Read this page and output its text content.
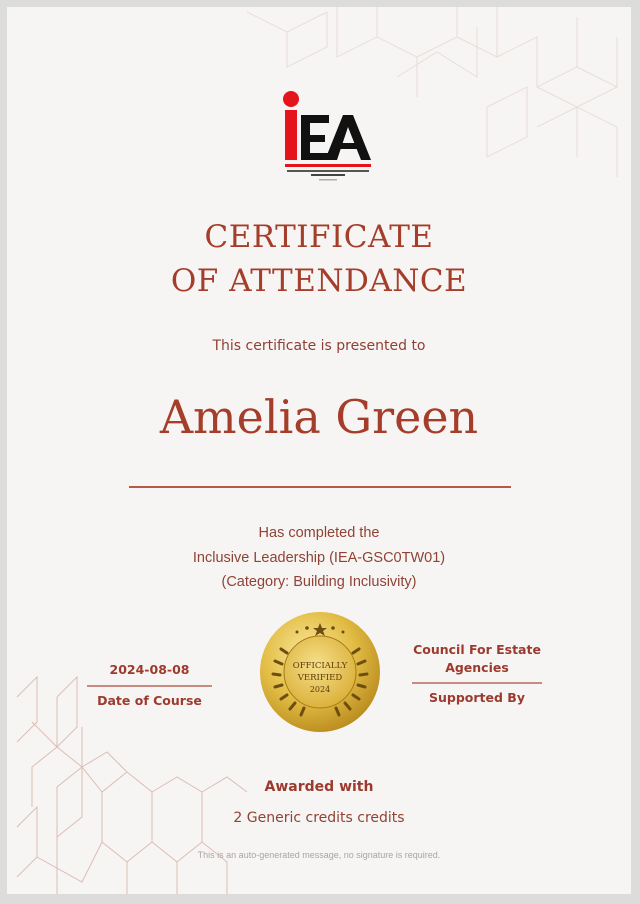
CERTIFICATE
OF ATTENDANCE
This certificate is presented to
Amelia Green
Has completed the
Inclusive Leadership (IEA-GSC0TW01)
(Category: Building Inclusivity)
2024-08-08
Date of Course
OFFICIALLY
VERIFIED
2024
Council For Estate
Agencies
Supported By
Awarded with
2 Generic credits credits
This is an auto-generated message, no signature is required.
